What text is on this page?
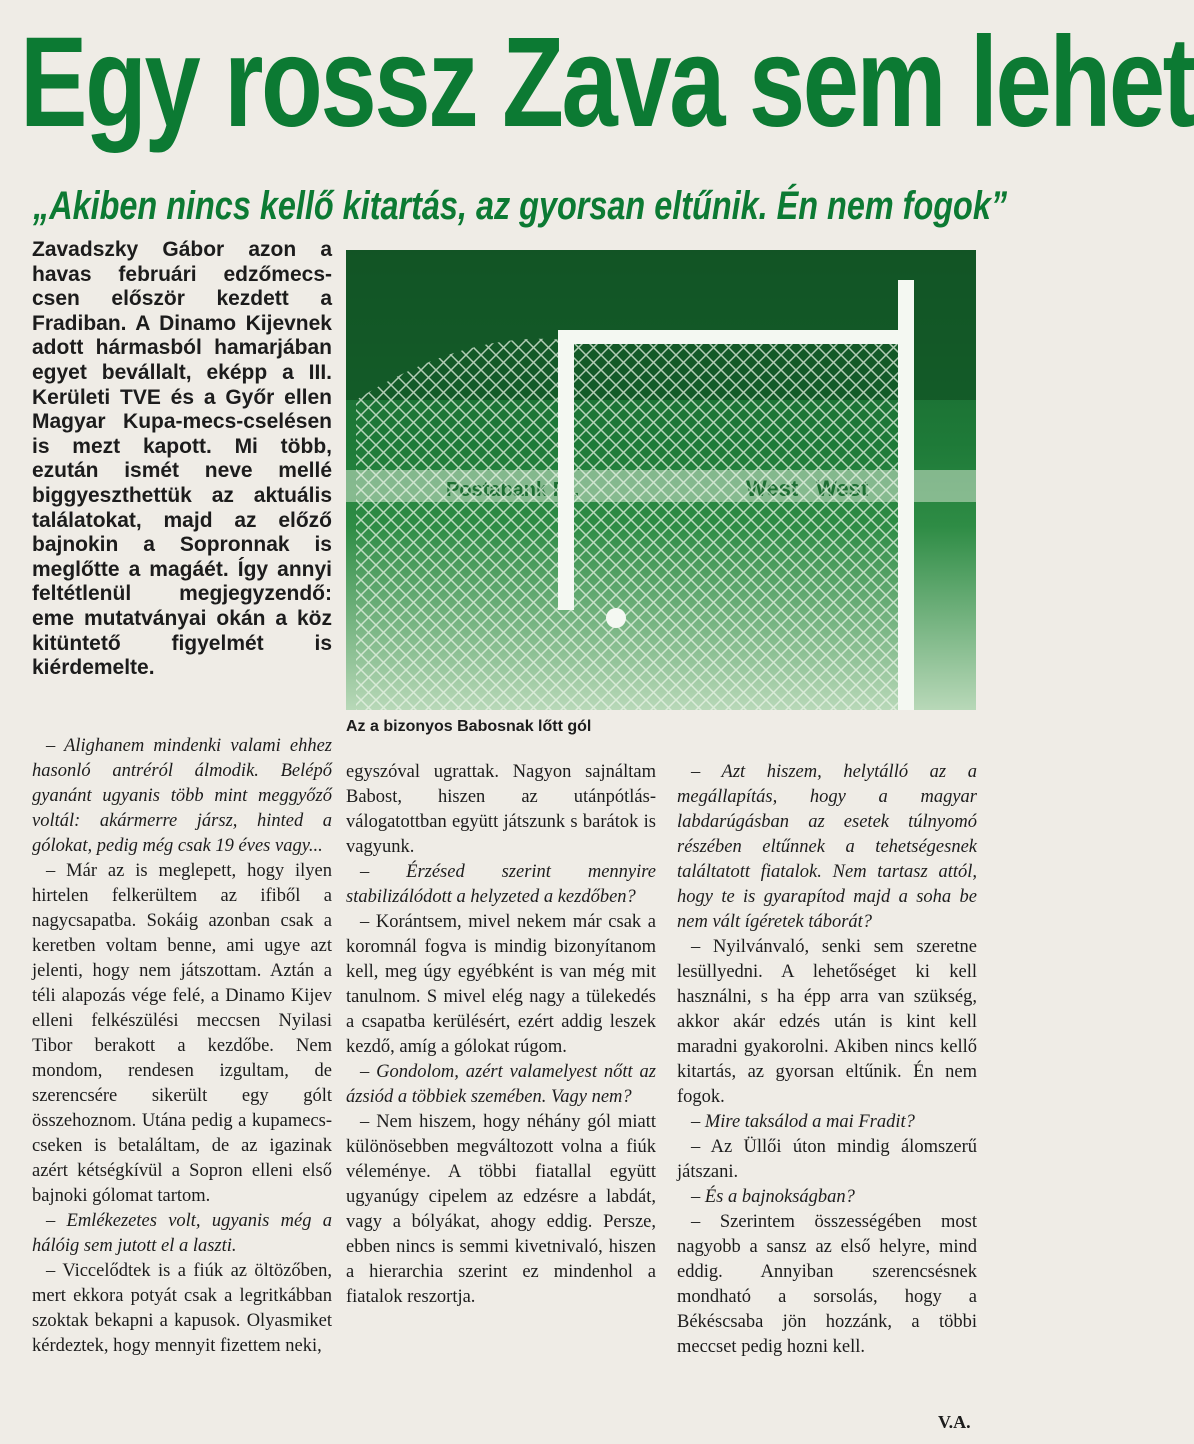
Egy rossz Zava sem lehet

„Akiben nincs kellő kitartás, az gyorsan eltűnik. Én nem fogok”

Zavadszky Gábor azon a havas februári edzőmecs-csen először kezdett a Fradiban. A Dinamo Kijevnek adott hármasból hamarjában egyet bevállalt, eképp a III. Kerületi TVE és a Győr ellen Magyar Kupa-mecs-cselésen is mezt kapott. Mi több, ezután ismét neve mellé biggyeszthettük az aktuális találatokat, majd az előző bajnokin a Sopronnak is meglőtte a magáét. Így annyi feltétlenül megjegyzendő: eme mutatványai okán a köz kitüntető figyelmét is kiérdemelte.

Az a bizonyos Babosnak lőtt gól

– Alighanem mindenki valami ehhez hasonló antréról álmodik. Belépő gyanánt ugyanis több mint meggyőző voltál: akármerre jársz, hinted a gólokat, pedig még csak 19 éves vagy...

– Már az is meglepett, hogy ilyen hirtelen felkerültem az ifiből a nagycsapatba. Sokáig azonban csak a keretben voltam benne, ami ugye azt jelenti, hogy nem játszottam. Aztán a téli alapozás vége felé, a Dinamo Kijev elleni felkészülési meccsen Nyilasi Tibor berakott a kezdőbe. Nem mondom, rendesen izgultam, de szerencsére sikerült egy gólt összehoznom. Utána pedig a kupamecs-cseken is betaláltam, de az igazinak azért kétségkívül a Sopron elleni első bajnoki gólomat tartom.

– Emlékezetes volt, ugyanis még a hálóig sem jutott el a laszti.

– Viccelődtek is a fiúk az öltözőben, mert ekkora potyát csak a legritkábban szoktak bekapni a kapusok. Olyasmiket kérdeztek, hogy mennyit fizettem neki,

egyszóval ugrattak. Nagyon sajnáltam Babost, hiszen az utánpótlás-válogatottban együtt játszunk s barátok is vagyunk.

– Érzésed szerint mennyire stabilizálódott a helyzeted a kezdőben?

– Korántsem, mivel nekem már csak a koromnál fogva is mindig bizonyítanom kell, meg úgy egyébként is van még mit tanulnom. S mivel elég nagy a tülekedés a csapatba kerülésért, ezért addig leszek kezdő, amíg a gólokat rúgom.

– Gondolom, azért valamelyest nőtt az ázsiód a többiek szemében. Vagy nem?

– Nem hiszem, hogy néhány gól miatt különösebben megváltozott volna a fiúk véleménye. A többi fiatallal együtt ugyanúgy cipelem az edzésre a labdát, vagy a bólyákat, ahogy eddig. Persze, ebben nincs is semmi kivetnivaló, hiszen a hierarchia szerint ez mindenhol a fiatalok reszortja.

– Azt hiszem, helytálló az a megállapítás, hogy a magyar labdarúgásban az esetek túlnyomó részében eltűnnek a tehetségesnek találtatott fiatalok. Nem tartasz attól, hogy te is gyarapítod majd a soha be nem vált ígéretek táborát?

– Nyilvánvaló, senki sem szeretne lesüllyedni. A lehetőséget ki kell használni, s ha épp arra van szükség, akkor akár edzés után is kint kell maradni gyakorolni. Akiben nincs kellő kitartás, az gyorsan eltűnik. Én nem fogok.

– Mire taksálod a mai Fradit?

– Az Üllői úton mindig álomszerű játszani.

– És a bajnokságban?

– Szerintem összességében most nagyobb a sansz az első helyre, mind eddig. Annyiban szerencsésnek mondható a sorsolás, hogy a Békéscsaba jön hozzánk, a többi meccset pedig hozni kell.

V.A.
